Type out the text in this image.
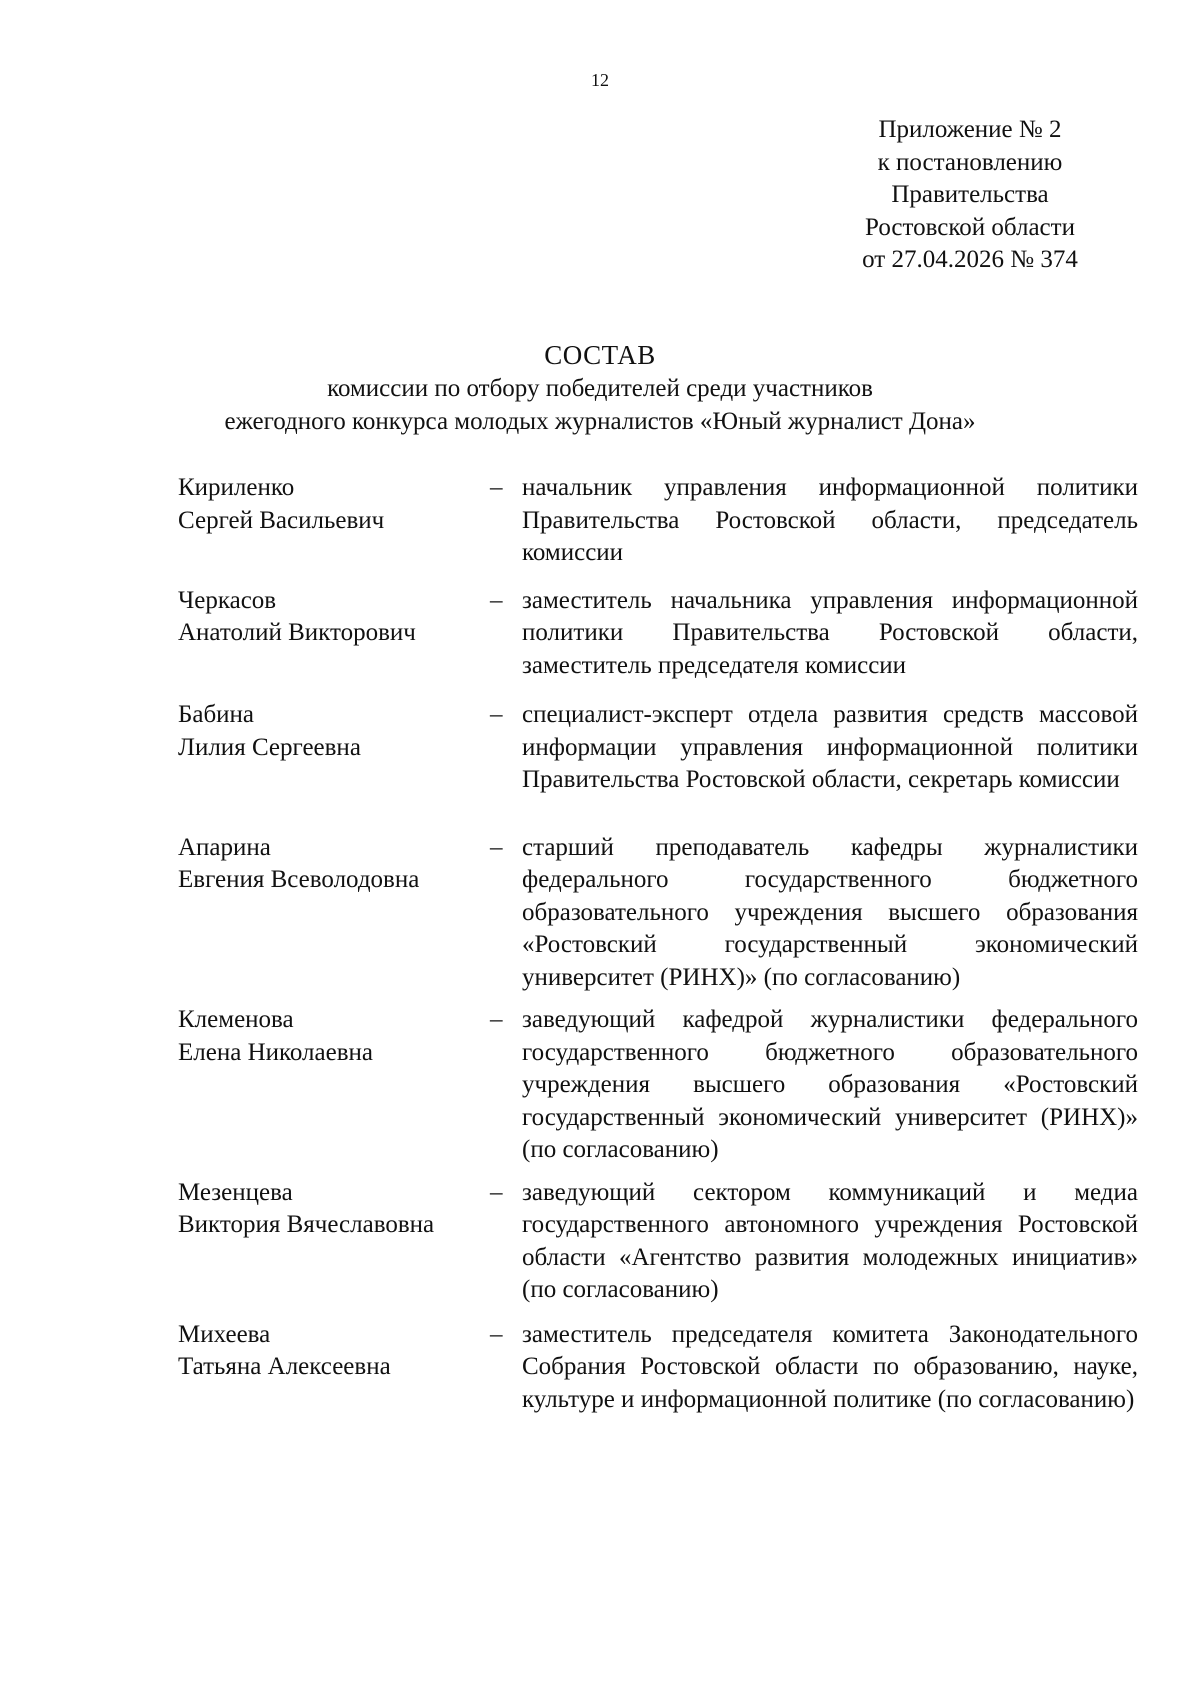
12
Приложение № 2
к постановлению
Правительства
Ростовской области
от 27.04.2026 № 374
СОСТАВ
комиссии по отбору победителей среди участников
ежегодного конкурса молодых журналистов «Юный журналист Дона»
Кириленко
Сергей Васильевич
– начальник управления информационной политики Правительства Ростовской области, председатель комиссии
Черкасов
Анатолий Викторович
– заместитель начальника управления информационной политики Правительства Ростовской области, заместитель председателя комиссии
Бабина
Лилия Сергеевна
– специалист-эксперт отдела развития средств массовой информации управления информационной политики Правительства Ростовской области, секретарь комиссии
Апарина
Евгения Всеволодовна
– старший преподаватель кафедры журналистики федерального государственного бюджетного образовательного учреждения высшего образования «Ростовский государственный экономический университет (РИНХ)» (по согласованию)
Клеменова
Елена Николаевна
– заведующий кафедрой журналистики федерального государственного бюджетного образовательного учреждения высшего образования «Ростовский государственный экономический университет (РИНХ)» (по согласованию)
Мезенцева
Виктория Вячеславовна
– заведующий сектором коммуникаций и медиа государственного автономного учреждения Ростовской области «Агентство развития молодежных инициатив» (по согласованию)
Михеева
Татьяна Алексеевна
– заместитель председателя комитета Законодательного Собрания Ростовской области по образованию, науке, культуре и информационной политике (по согласованию)
